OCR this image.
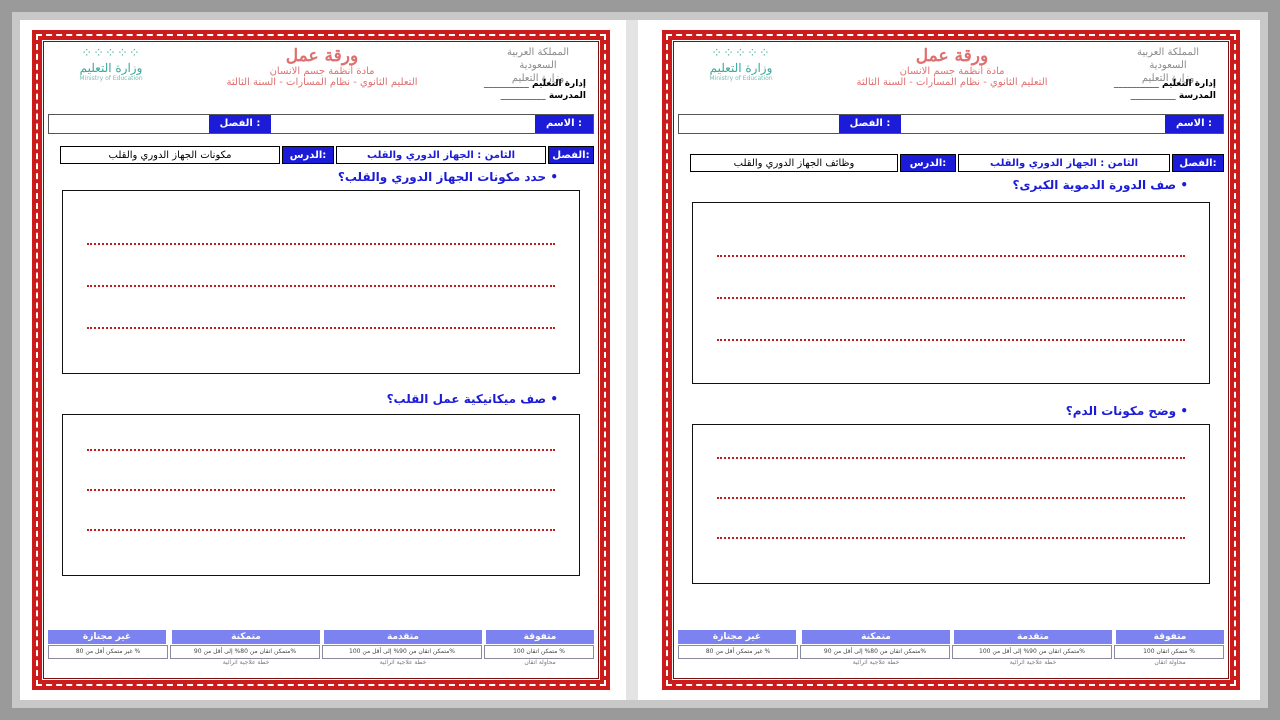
⁘⁘⁘⁘⁘
وزارة التعليم
Ministry of Education
ورقة عمل
مادة أنظمة جسم الانسان
التعليم الثانوي - نظام المسارات - السنة الثالثة
المملكة العربية السعودية
وزارة التعليم
إدارة التعليم __________
المدرسة __________
الاسم :
الفصل :
الفصل:
الثامن : الجهاز الدوري والقلب
الدرس:
مكونات الجهاز الدوري والقلب
• حدد مكونات الجهاز الدوري والقلب؟
• صف ميكانيكية عمل القلب؟
متفوقة
متقدمة
متمكنة
غير مجتازة
متمكن اتقان 100 %
متمكن اتقان من 90% إلى أقل من 100%
متمكن اتقان من 80% إلى أقل من 90%
غير متمكن أقل من 80 %
محاولة اتقان
خطة علاجية اثرائية
خطة علاجية اثرائية
⁘⁘⁘⁘⁘
وزارة التعليم
Ministry of Education
ورقة عمل
مادة أنظمة جسم الانسان
التعليم الثانوي - نظام المسارات - السنة الثالثة
المملكة العربية السعودية
وزارة التعليم
إدارة التعليم __________
المدرسة __________
الاسم :
الفصل :
الفصل:
الثامن : الجهاز الدوري والقلب
الدرس:
وظائف الجهاز الدوري والقلب
• صف الدورة الدموية الكبرى؟
• وضح مكونات الدم؟
متفوقة
متقدمة
متمكنة
غير مجتازة
متمكن اتقان 100 %
متمكن اتقان من 90% إلى أقل من 100%
متمكن اتقان من 80% إلى أقل من 90%
غير متمكن أقل من 80 %
محاولة اتقان
خطة علاجية اثرائية
خطة علاجية اثرائية
